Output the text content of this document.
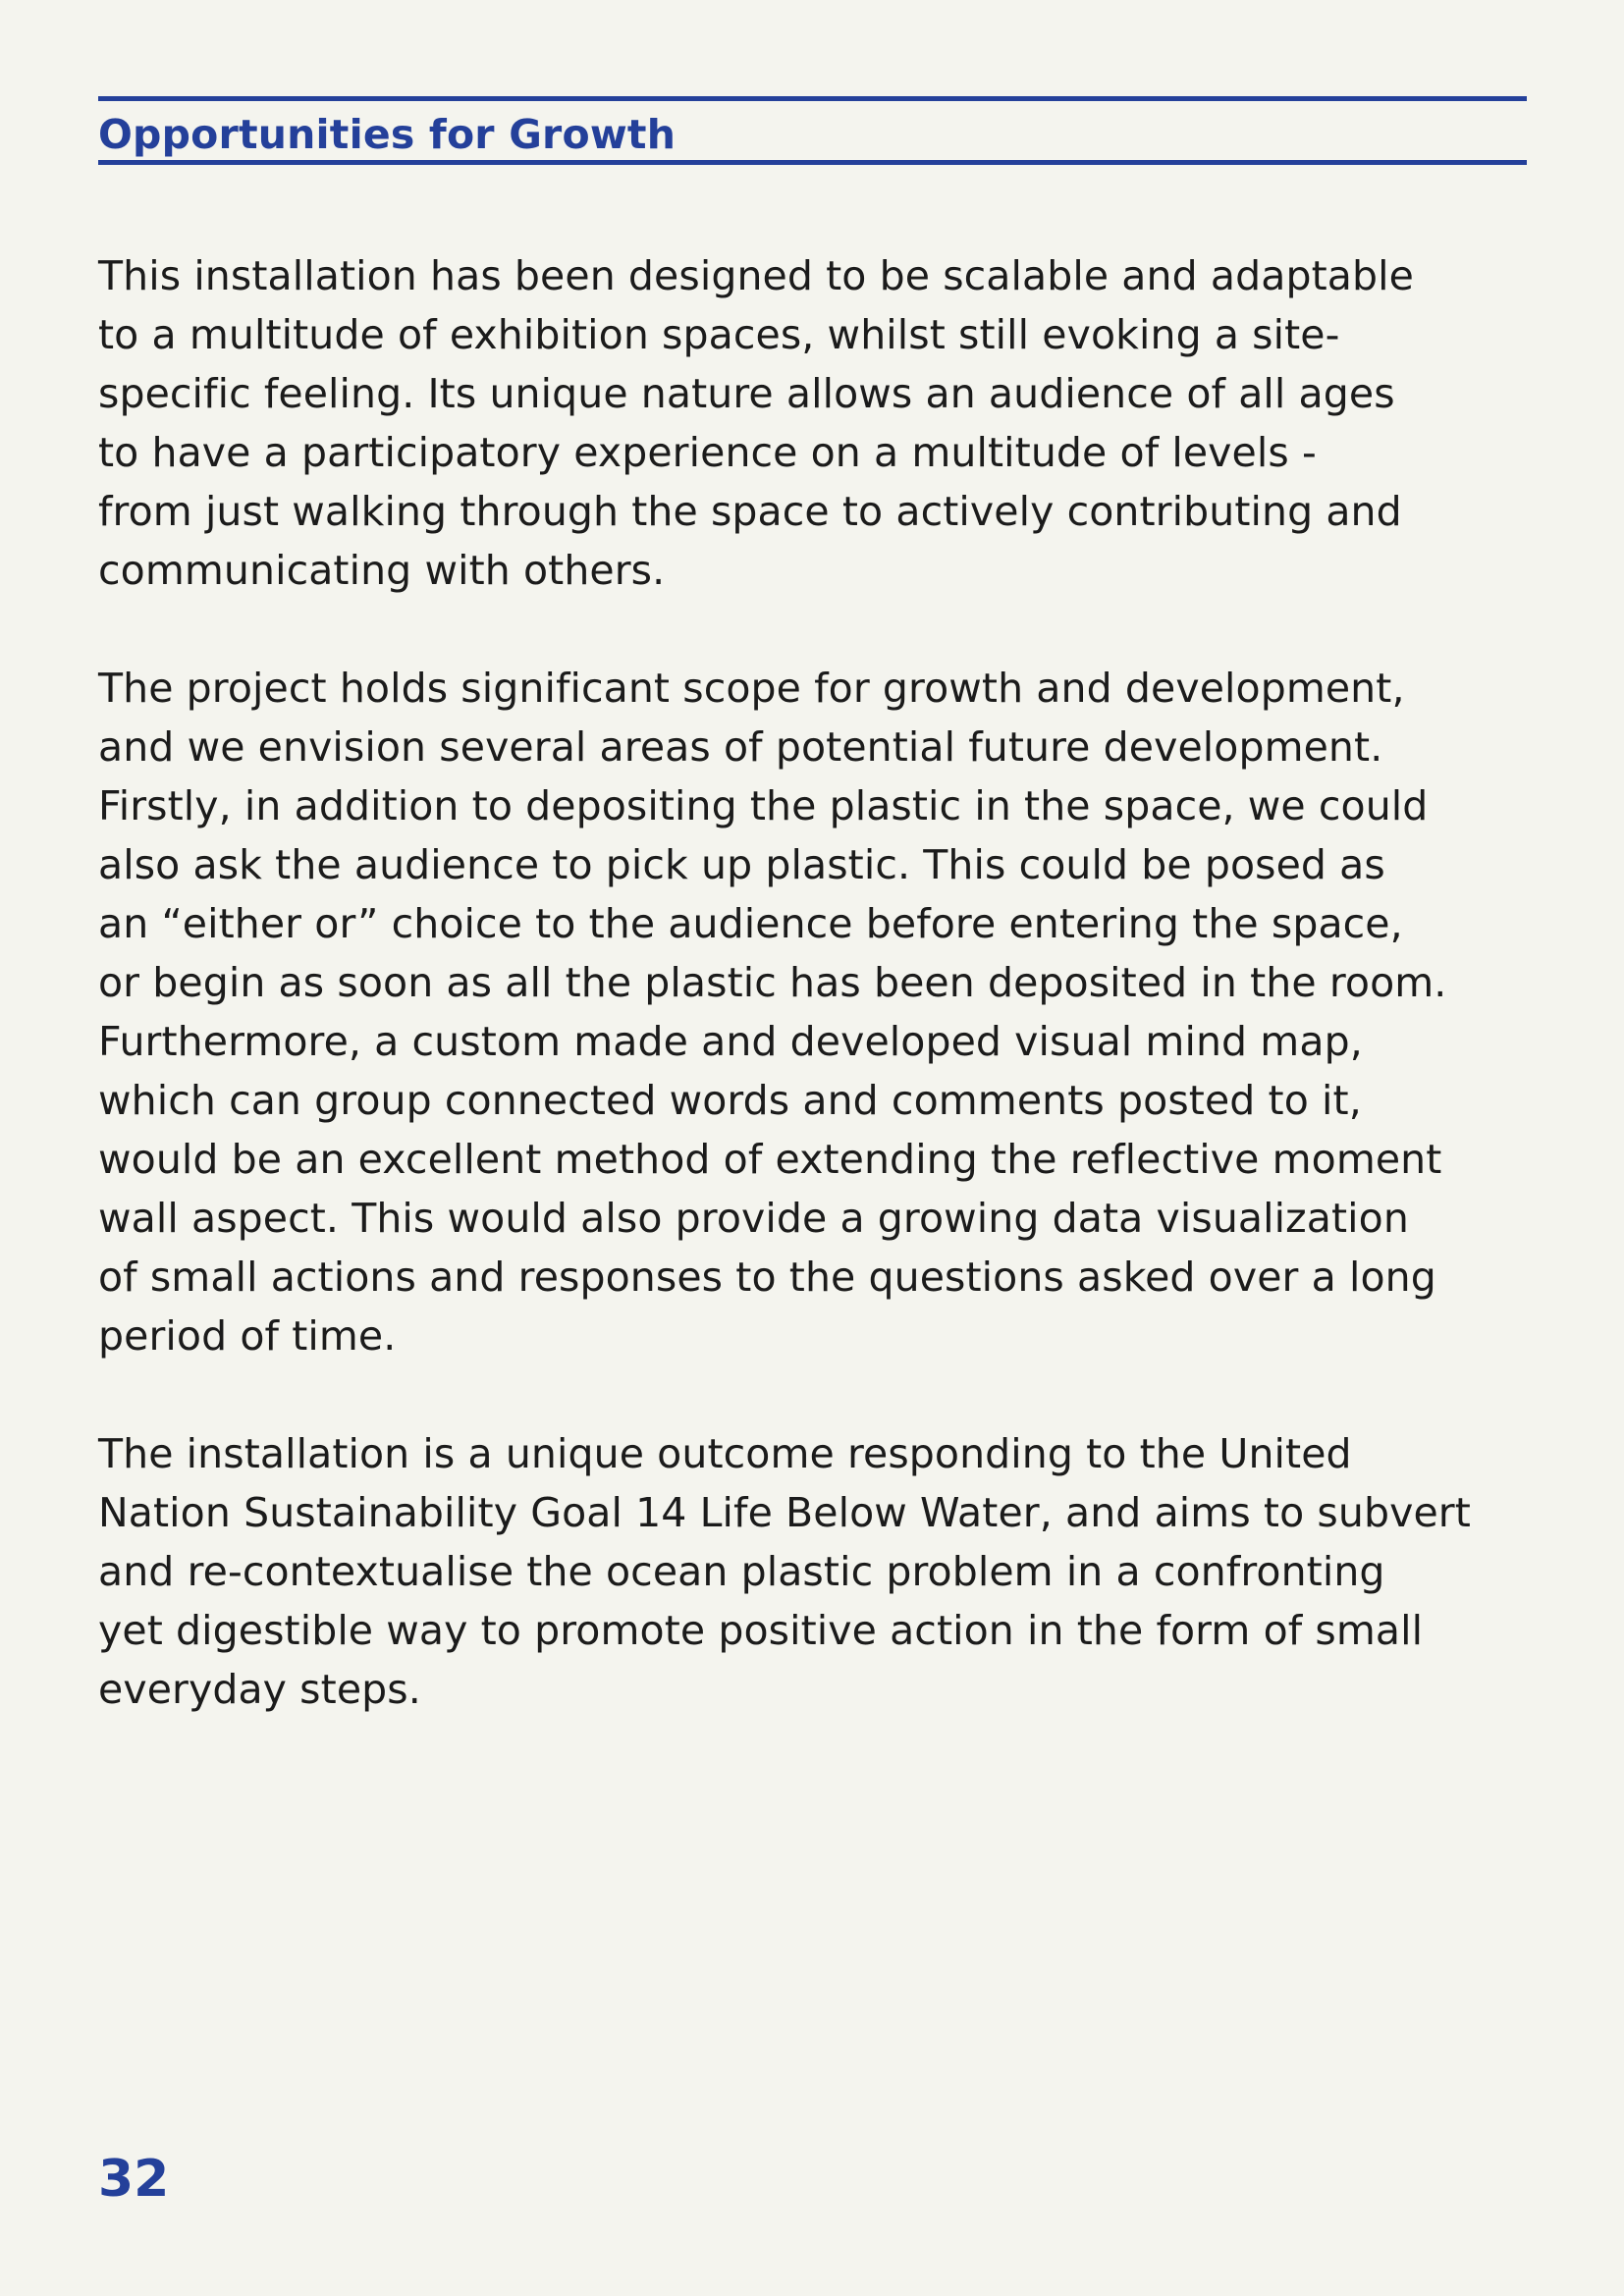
Opportunities for Growth

This installation has been designed to be scalable and adaptable
to a multitude of exhibition spaces, whilst still evoking a site-
specific feeling. Its unique nature allows an audience of all ages
to have a participatory experience on a multitude of levels -
from just walking through the space to actively contributing and
communicating with others.

The project holds significant scope for growth and development,
and we envision several areas of potential future development.
Firstly, in addition to depositing the plastic in the space, we could
also ask the audience to pick up plastic. This could be posed as
an “either or” choice to the audience before entering the space,
or begin as soon as all the plastic has been deposited in the room.
Furthermore, a custom made and developed visual mind map,
which can group connected words and comments posted to it,
would be an excellent method of extending the reflective moment
wall aspect. This would also provide a growing data visualization
of small actions and responses to the questions asked over a long
period of time.

The installation is a unique outcome responding to the United
Nation Sustainability Goal 14 Life Below Water, and aims to subvert
and re-contextualise the ocean plastic problem in a confronting
yet digestible way to promote positive action in the form of small
everyday steps.

32
